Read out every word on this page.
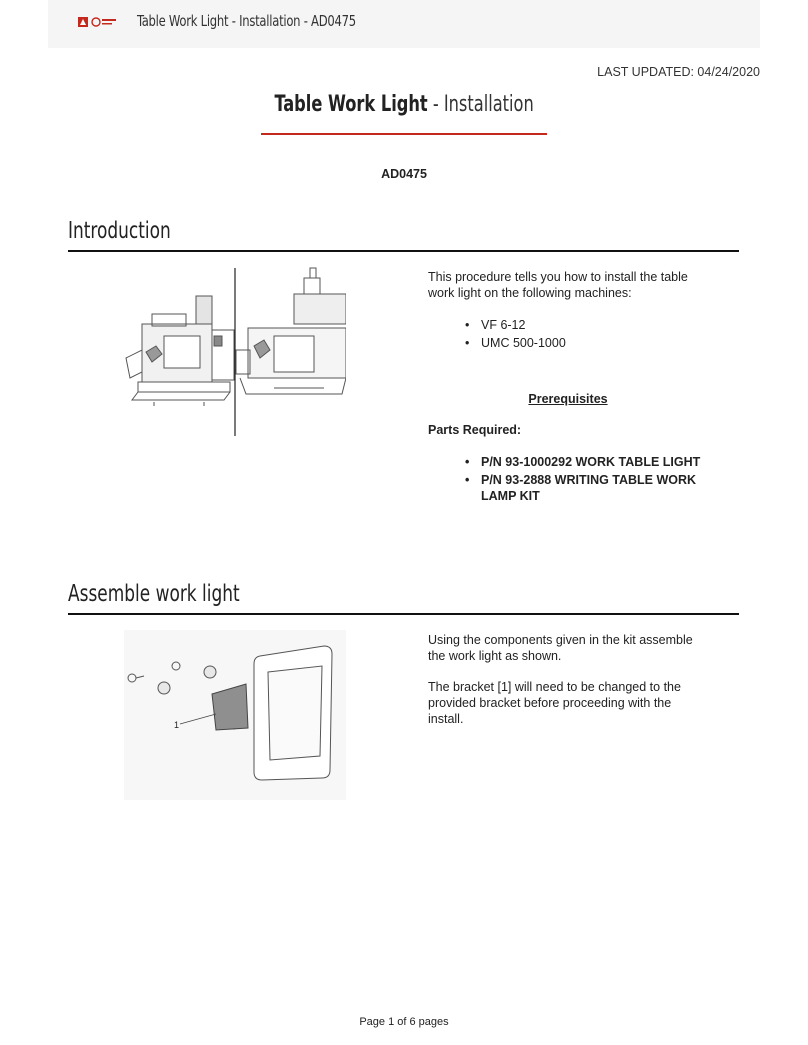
Table Work Light - Installation - AD0475
LAST UPDATED: 04/24/2020
Table Work Light - Installation
AD0475
Introduction

This procedure tells you how to install the table work light on the following machines:

• VF 6-12
• UMC 500-1000

Prerequisites

Parts Required:

• P/N 93-1000292 WORK TABLE LIGHT
• P/N 93-2888 WRITING TABLE WORK LAMP KIT
Assemble work light
1

Using the components given in the kit assemble the work light as shown.

The bracket [1] will need to be changed to the provided bracket before proceeding with the install.

Page 1 of 6 pages
